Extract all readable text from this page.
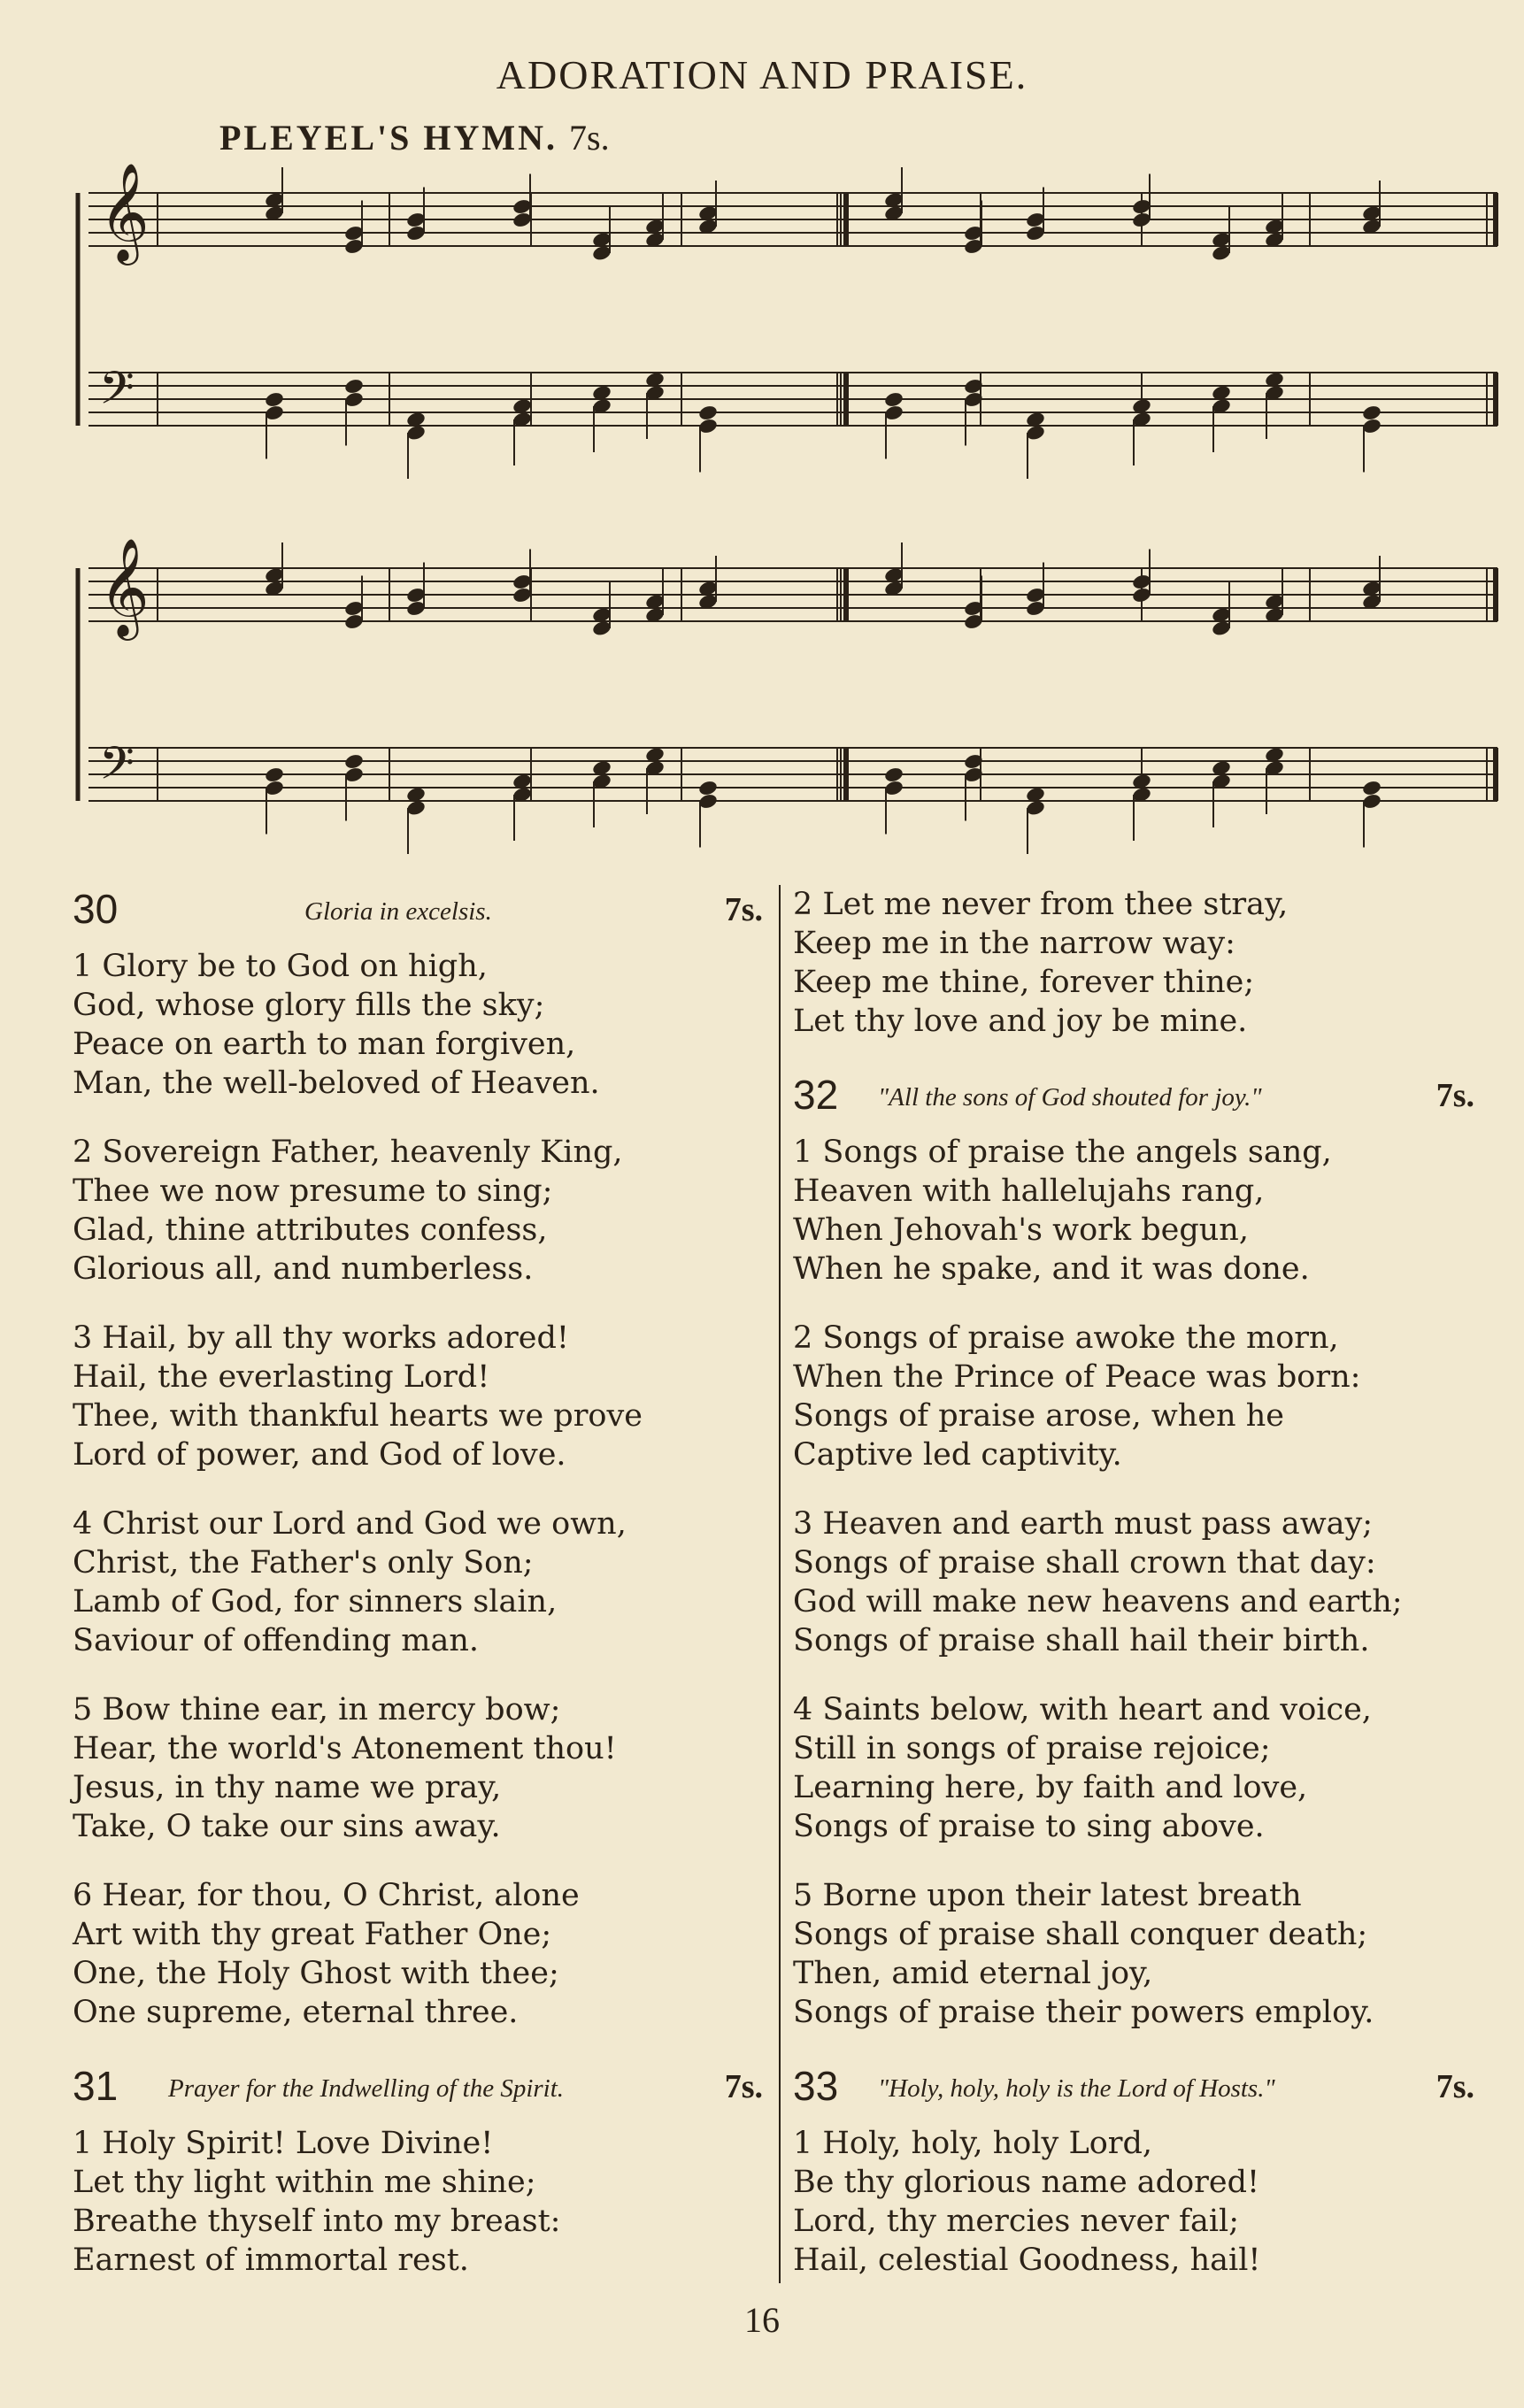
ADORATION AND PRAISE.
PLEYEL'S HYMN. 7s.
𝄞
𝄢
𝄞
𝄢
30	Gloria in excelsis.	7s.
1 Glory be to God on high,
God, whose glory fills the sky;
Peace on earth to man forgiven,
Man, the well-beloved of Heaven.
2 Sovereign Father, heavenly King,
Thee we now presume to sing;
Glad, thine attributes confess,
Glorious all, and numberless.
3 Hail, by all thy works adored!
Hail, the everlasting Lord!
Thee, with thankful hearts we prove
Lord of power, and God of love.
4 Christ our Lord and God we own,
Christ, the Father's only Son;
Lamb of God, for sinners slain,
Saviour of offending man.
5 Bow thine ear, in mercy bow;
Hear, the world's Atonement thou!
Jesus, in thy name we pray,
Take, O take our sins away.
6 Hear, for thou, O Christ, alone
Art with thy great Father One;
One, the Holy Ghost with thee;
One supreme, eternal three.
31 Prayer for the Indwelling of the Spirit.	7s.
1 Holy Spirit! Love Divine!
Let thy light within me shine;
Breathe thyself into my breast:
Earnest of immortal rest.
2 Let me never from thee stray,
Keep me in the narrow way:
Keep me thine, forever thine;
Let thy love and joy be mine.
32 "All the sons of God shouted for joy."	7s.
1 Songs of praise the angels sang,
Heaven with hallelujahs rang,
When Jehovah's work begun,
When he spake, and it was done.
2 Songs of praise awoke the morn,
When the Prince of Peace was born:
Songs of praise arose, when he
Captive led captivity.
3 Heaven and earth must pass away;
Songs of praise shall crown that day:
God will make new heavens and earth;
Songs of praise shall hail their birth.
4 Saints below, with heart and voice,
Still in songs of praise rejoice;
Learning here, by faith and love,
Songs of praise to sing above.
5 Borne upon their latest breath
Songs of praise shall conquer death;
Then, amid eternal joy,
Songs of praise their powers employ.
33 "Holy, holy, holy is the Lord of Hosts."	7s.
1 Holy, holy, holy Lord,
Be thy glorious name adored!
Lord, thy mercies never fail;
Hail, celestial Goodness, hail!
16
